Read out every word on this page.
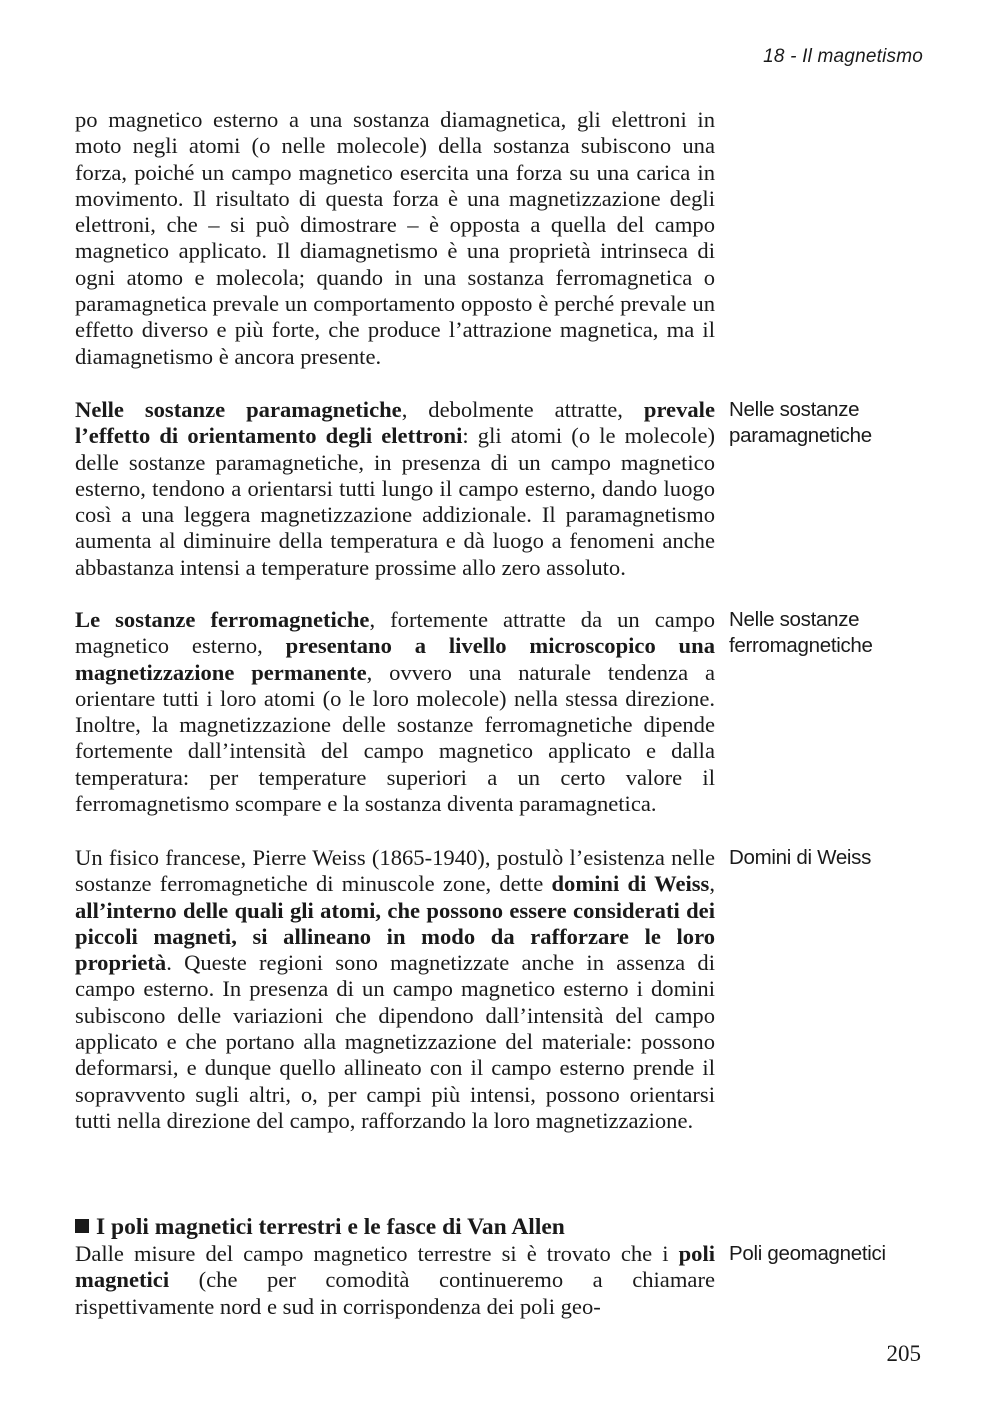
18 - Il magnetismo

po magnetico esterno a una sostanza diamagnetica, gli elettroni in moto negli atomi (o nelle molecole) della sostanza subiscono una forza, poiché un campo magnetico esercita una forza su una carica in movimento. Il risultato di questa forza è una magnetizzazione degli elettroni, che – si può dimostrare – è opposta a quella del campo magnetico applicato. Il diamagnetismo è una proprietà intrinseca di ogni atomo e molecola; quando in una sostanza ferromagnetica o paramagnetica prevale un comportamento opposto è perché prevale un effetto diverso e più forte, che produce l’attrazione magnetica, ma il diamagnetismo è ancora presente.

Nelle sostanze paramagnetiche

Nelle sostanze paramagnetiche, debolmente attratte, prevale l’effetto di orientamento degli elettroni: gli atomi (o le molecole) delle sostanze paramagnetiche, in presenza di un campo magnetico esterno, tendono a orientarsi tutti lungo il campo esterno, dando luogo così a una leggera magnetizzazione addizionale. Il paramagnetismo aumenta al diminuire della temperatura e dà luogo a fenomeni anche abbastanza intensi a temperature prossime allo zero assoluto.

Nelle sostanze ferromagnetiche

Le sostanze ferromagnetiche, fortemente attratte da un campo magnetico esterno, presentano a livello microscopico una magnetizzazione permanente, ovvero una naturale tendenza a orientare tutti i loro atomi (o le loro molecole) nella stessa direzione. Inoltre, la magnetizzazione delle sostanze ferromagnetiche dipende fortemente dall’intensità del campo magnetico applicato e dalla temperatura: per temperature superiori a un certo valore il ferromagnetismo scompare e la sostanza diventa paramagnetica.

Domini di Weiss

Un fisico francese, Pierre Weiss (1865-1940), postulò l’esistenza nelle sostanze ferromagnetiche di minuscole zone, dette domini di Weiss, all’interno delle quali gli atomi, che possono essere considerati dei piccoli magneti, si allineano in modo da rafforzare le loro proprietà. Queste regioni sono magnetizzate anche in assenza di campo esterno. In presenza di un campo magnetico esterno i domini subiscono delle variazioni che dipendono dall’intensità del campo applicato e che portano alla magnetizzazione del materiale: possono deformarsi, e dunque quello allineato con il campo esterno prende il sopravvento sugli altri, o, per campi più intensi, possono orientarsi tutti nella direzione del campo, rafforzando la loro magnetizzazione.

I poli magnetici terrestri e le fasce di Van Allen
Poli geomagnetici

Dalle misure del campo magnetico terrestre si è trovato che i poli magnetici (che per comodità continueremo a chiamare rispettivamente nord e sud in corrispondenza dei poli geo-

205
